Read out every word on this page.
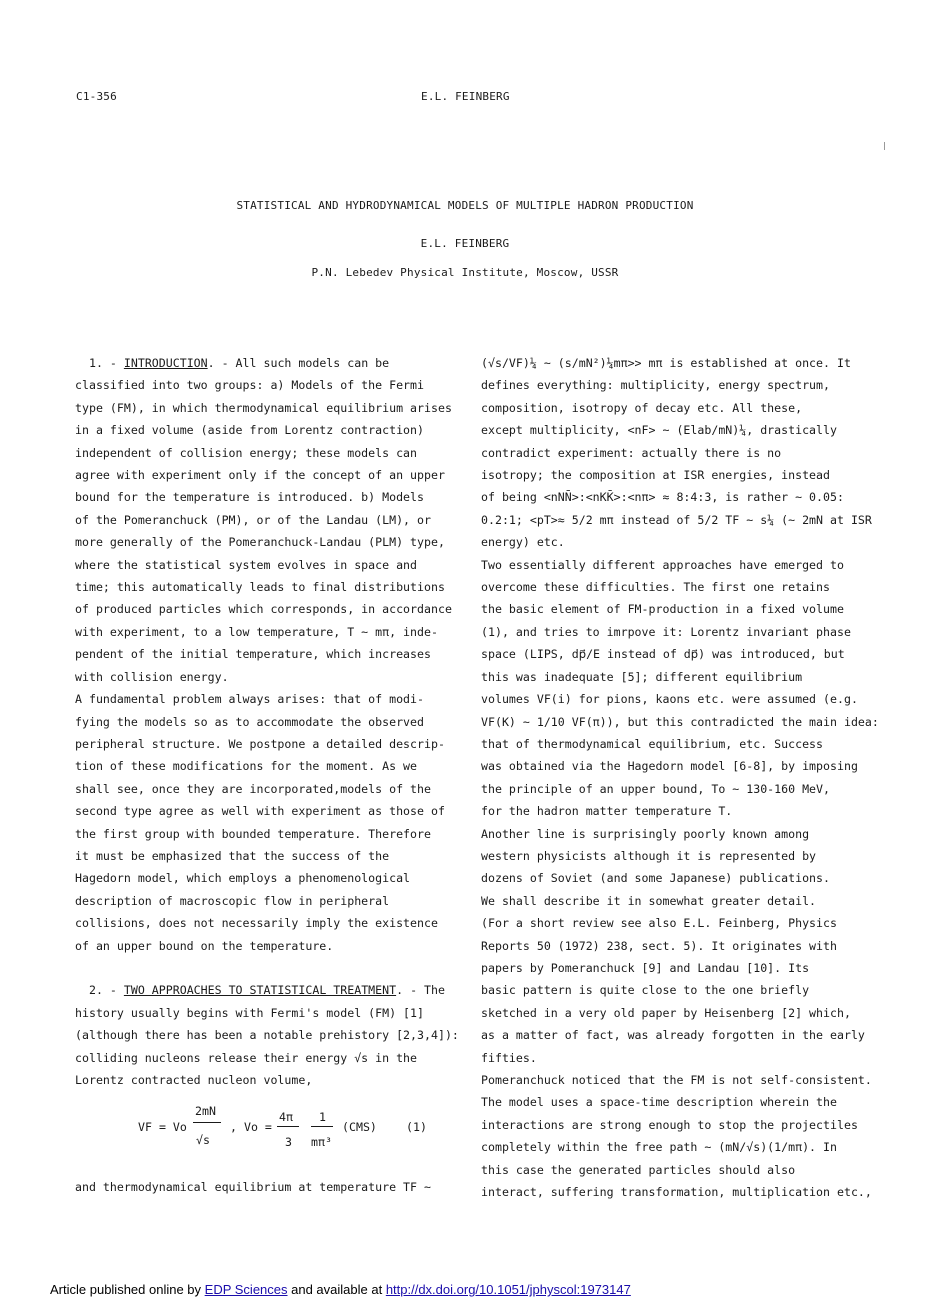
C1-356	E.L. FEINBERG
STATISTICAL AND HYDRODYNAMICAL MODELS OF MULTIPLE HADRON PRODUCTION
E.L. FEINBERG
P.N. Lebedev Physical Institute, Moscow, USSR

1. - INTRODUCTION. - All such models can be

classified into two groups: a) Models of the Fermi

type (FM), in which thermodynamical equilibrium arises

in a fixed volume (aside from Lorentz contraction)

independent of collision energy; these models can

agree with experiment only if the concept of an upper

bound for the temperature is introduced. b) Models

of the Pomeranchuck (PM), or of the Landau (LM), or

more generally of the Pomeranchuck-Landau (PLM) type,

where the statistical system evolves in space and

time; this automatically leads to final distributions

of produced particles which corresponds, in accordance

with experiment, to a low temperature, T ~ mπ, inde-

pendent of the initial temperature, which increases

with collision energy.

A fundamental problem always arises: that of modi-

fying the models so as to accommodate the observed

peripheral structure. We postpone a detailed descrip-

tion of these modifications for the moment. As we

shall see, once they are incorporated,models of the

second type agree as well with experiment as those of

the first group with bounded temperature. Therefore

it must be emphasized that the success of the

Hagedorn model, which employs a phenomenological

description of macroscopic flow in peripheral

collisions, does not necessarily imply the existence

of an upper bound on the temperature.

2. - TWO APPROACHES TO STATISTICAL TREATMENT. - The

history usually begins with Fermi's model (FM) [1]

(although there has been a notable prehistory [2,3,4]):

colliding nucleons release their energy √s in the

Lorentz contracted nucleon volume,

VF = Vo
2mN
√s
, Vo =
4π
3
1
mπ³
(CMS)	(1)

and thermodynamical equilibrium at temperature TF ~

(√s/VF)¼ ~ (s/mN²)¼mπ>> mπ is established at once. It

defines everything: multiplicity, energy spectrum,

composition, isotropy of decay etc. All these,

except multiplicity, <nF> ~ (Elab/mN)¼, drastically

contradict experiment: actually there is no

isotropy; the composition at ISR energies, instead

of being <nNN̄>:<nKK̄>:<nπ> ≈ 8:4:3, is rather ~ 0.05:

0.2:1; <pT>≈ 5/2 mπ instead of 5/2 TF ~ s¼ (~ 2mN at ISR

energy) etc.

Two essentially different approaches have emerged to

overcome these difficulties. The first one retains

the basic element of FM-production in a fixed volume

(1), and tries to imrpove it: Lorentz invariant phase

space (LIPS, dp⃗/E instead of dp⃗) was introduced, but

this was inadequate [5]; different equilibrium

volumes VF(i) for pions, kaons etc. were assumed (e.g.

VF(K) ~ 1/10 VF(π)), but this contradicted the main idea:

that of thermodynamical equilibrium, etc. Success

was obtained via the Hagedorn model [6-8], by imposing

the principle of an upper bound, To ~ 130-160 MeV,

for the hadron matter temperature T.

Another line is surprisingly poorly known among

western physicists although it is represented by

dozens of Soviet (and some Japanese) publications.

We shall describe it in somewhat greater detail.

(For a short review see also E.L. Feinberg, Physics

Reports 50 (1972) 238, sect. 5). It originates with

papers by Pomeranchuck [9] and Landau [10]. Its

basic pattern is quite close to the one briefly

sketched in a very old paper by Heisenberg [2] which,

as a matter of fact, was already forgotten in the early

fifties.

Pomeranchuck noticed that the FM is not self-consistent.

The model uses a space-time description wherein the

interactions are strong enough to stop the projectiles

completely within the free path ~ (mN/√s)(1/mπ). In

this case the generated particles should also

interact, suffering transformation, multiplication etc.,

Article published online by EDP Sciences and available at http://dx.doi.org/10.1051/jphyscol:1973147
